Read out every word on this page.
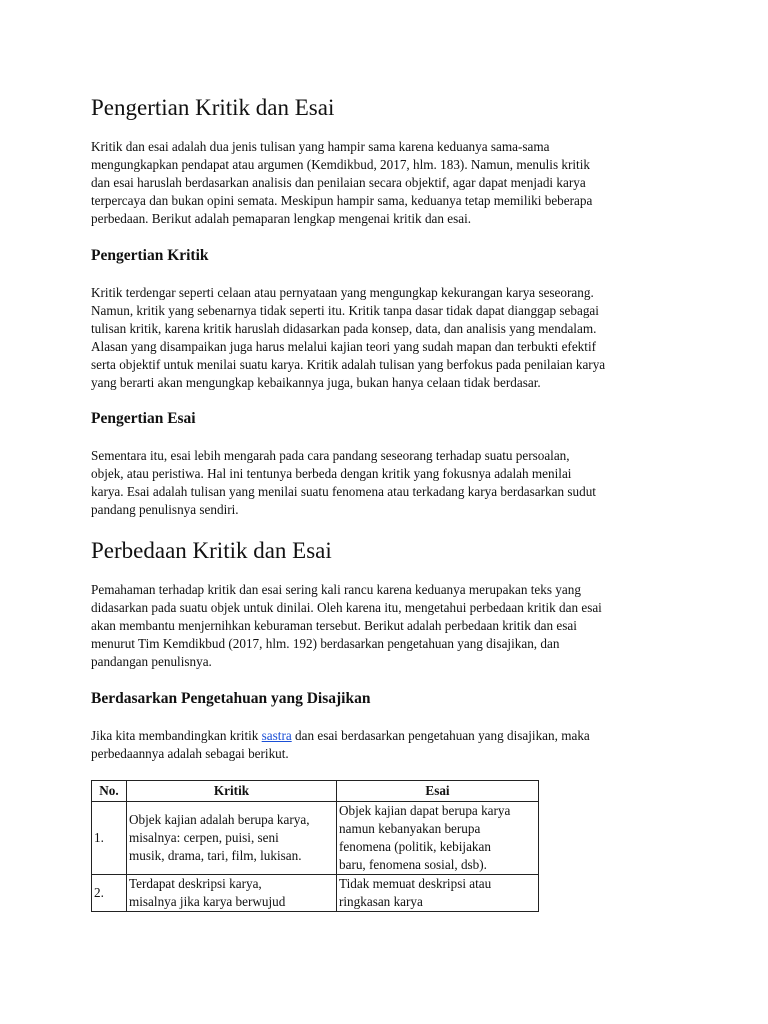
Pengertian Kritik dan Esai

Kritik dan esai adalah dua jenis tulisan yang hampir sama karena keduanya sama-sama
mengungkapkan pendapat atau argumen (Kemdikbud, 2017, hlm. 183). Namun, menulis kritik
dan esai haruslah berdasarkan analisis dan penilaian secara objektif, agar dapat menjadi karya
terpercaya dan bukan opini semata. Meskipun hampir sama, keduanya tetap memiliki beberapa
perbedaan. Berikut adalah pemaparan lengkap mengenai kritik dan esai.

Pengertian Kritik

Kritik terdengar seperti celaan atau pernyataan yang mengungkap kekurangan karya seseorang.
Namun, kritik yang sebenarnya tidak seperti itu. Kritik tanpa dasar tidak dapat dianggap sebagai
tulisan kritik, karena kritik haruslah didasarkan pada konsep, data, dan analisis yang mendalam.
Alasan yang disampaikan juga harus melalui kajian teori yang sudah mapan dan terbukti efektif
serta objektif untuk menilai suatu karya. Kritik adalah tulisan yang berfokus pada penilaian karya
yang berarti akan mengungkap kebaikannya juga, bukan hanya celaan tidak berdasar.

Pengertian Esai

Sementara itu, esai lebih mengarah pada cara pandang seseorang terhadap suatu persoalan,
objek, atau peristiwa. Hal ini tentunya berbeda dengan kritik yang fokusnya adalah menilai
karya. Esai adalah tulisan yang menilai suatu fenomena atau terkadang karya berdasarkan sudut
pandang penulisnya sendiri.

Perbedaan Kritik dan Esai

Pemahaman terhadap kritik dan esai sering kali rancu karena keduanya merupakan teks yang
didasarkan pada suatu objek untuk dinilai. Oleh karena itu, mengetahui perbedaan kritik dan esai
akan membantu menjernihkan keburaman tersebut. Berikut adalah perbedaan kritik dan esai
menurut Tim Kemdikbud (2017, hlm. 192) berdasarkan pengetahuan yang disajikan, dan
pandangan penulisnya.

Berdasarkan Pengetahuan yang Disajikan

Jika kita membandingkan kritik sastra dan esai berdasarkan pengetahuan yang disajikan, maka
perbedaannya adalah sebagai berikut.

No.	Kritik	Esai
1.	Objek kajian adalah berupa karya,
misalnya: cerpen, puisi, seni
musik, drama, tari, film, lukisan.	Objek kajian dapat berupa karya
namun kebanyakan berupa
fenomena (politik, kebijakan
baru, fenomena sosial, dsb).

2.	Terdapat deskripsi karya,
misalnya jika karya berwujud	Tidak memuat deskripsi atau
ringkasan karya
